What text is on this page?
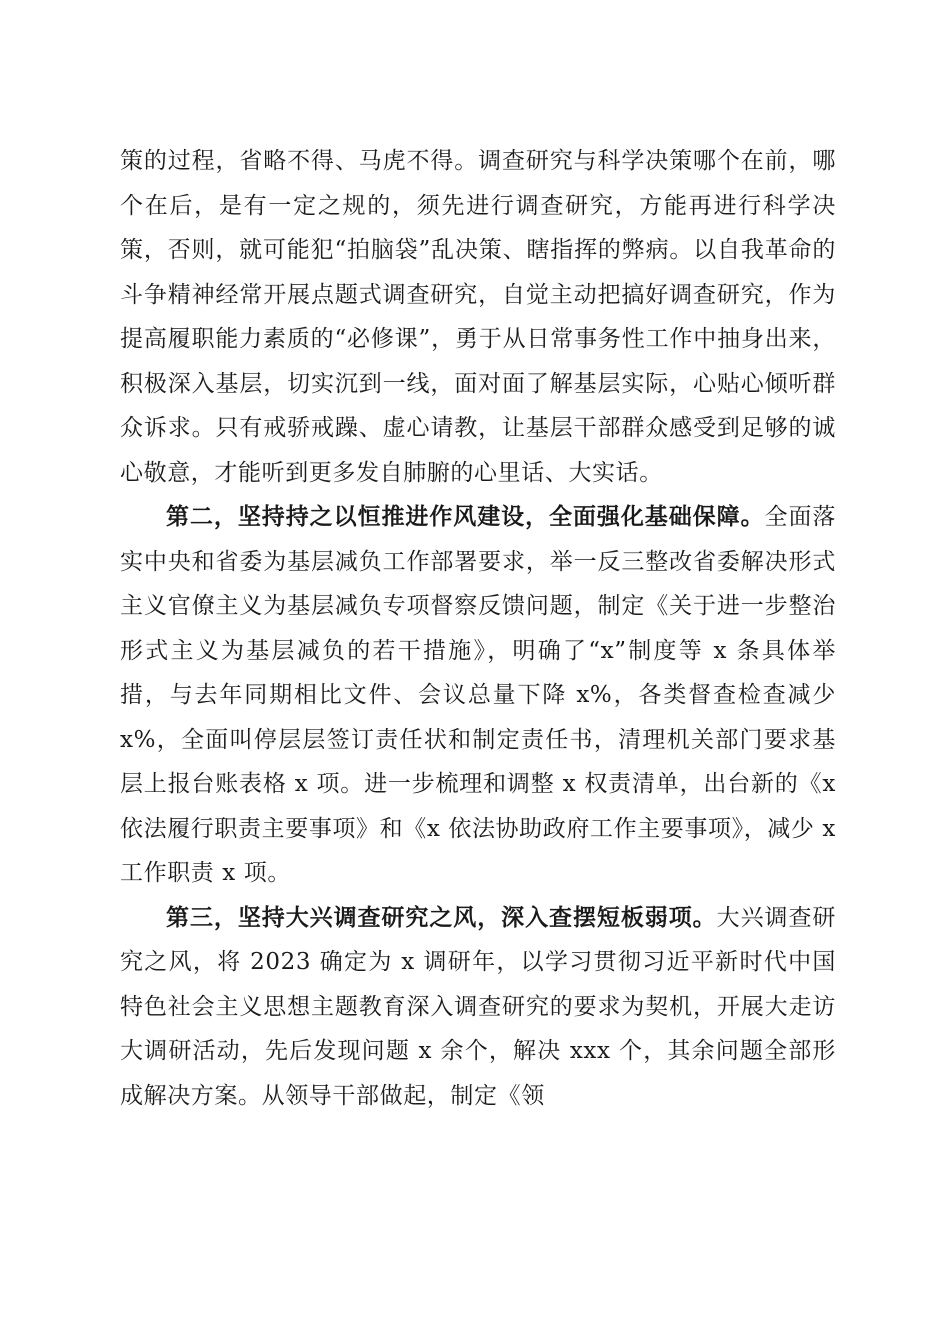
策的过程，省略不得、马虎不得。调查研究与科学决策哪个在前，哪个在后，是有一定之规的，须先进行调查研究，方能再进行科学决策，否则，就可能犯“拍脑袋”乱决策、瞎指挥的弊病。以自我革命的斗争精神经常开展点题式调查研究，自觉主动把搞好调查研究，作为提高履职能力素质的“必修课”，勇于从日常事务性工作中抽身出来，积极深入基层，切实沉到一线，面对面了解基层实际，心贴心倾听群众诉求。只有戒骄戒躁、虚心请教，让基层干部群众感受到足够的诚心敬意，才能听到更多发自肺腑的心里话、大实话。

第二，坚持持之以恒推进作风建设，全面强化基础保障。全面落实中央和省委为基层减负工作部署要求，举一反三整改省委解决形式主义官僚主义为基层减负专项督察反馈问题，制定《关于进一步整治形式主义为基层减负的若干措施》，明确了“x”制度等 x 条具体举措，与去年同期相比文件、会议总量下降 x%，各类督查检查减少 x%，全面叫停层层签订责任状和制定责任书，清理机关部门要求基层上报台账表格 x 项。进一步梳理和调整 x 权责清单，出台新的《x 依法履行职责主要事项》和《x 依法协助政府工作主要事项》，减少 x 工作职责 x 项。

第三，坚持大兴调查研究之风，深入查摆短板弱项。大兴调查研究之风，将 2023 确定为 x 调研年，以学习贯彻习近平新时代中国特色社会主义思想主题教育深入调查研究的要求为契机，开展大走访大调研活动，先后发现问题 x 余个，解决 xxx 个，其余问题全部形成解决方案。从领导干部做起，制定《领
